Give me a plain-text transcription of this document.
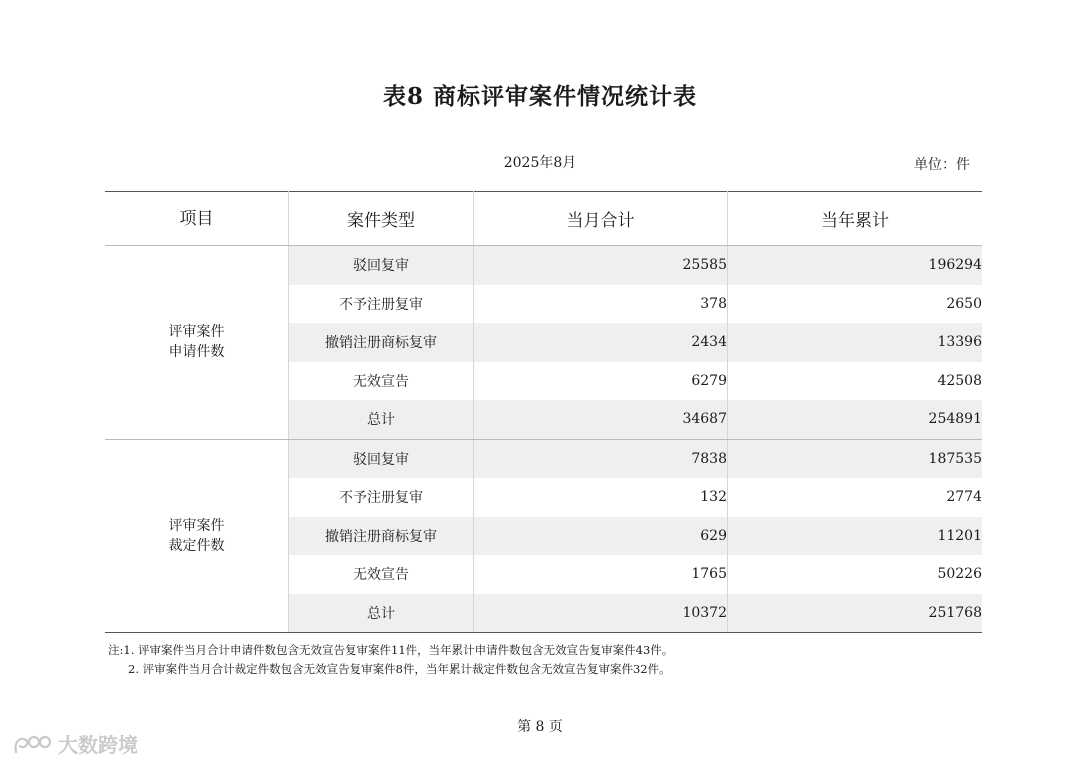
表8 商标评审案件情况统计表
2025年8月	单位：件
项目	案件类型	当月合计	当年累计

评审案件
申请件数	驳回复审	25585	196294
	不予注册复审	378	2650
	撤销注册商标复审	2434	13396
	无效宣告	6279	42508
	总计	34687	254891

评审案件
裁定件数	驳回复审	7838	187535
	不予注册复审	132	2774
	撤销注册商标复审	629	11201
	无效宣告	1765	50226
	总计	10372	251768
注:1. 评审案件当月合计申请件数包含无效宣告复审案件11件，当年累计申请件数包含无效宣告复审案件43件。
2. 评审案件当月合计裁定件数包含无效宣告复审案件8件，当年累计裁定件数包含无效宣告复审案件32件。
第 8 页
大数跨境
